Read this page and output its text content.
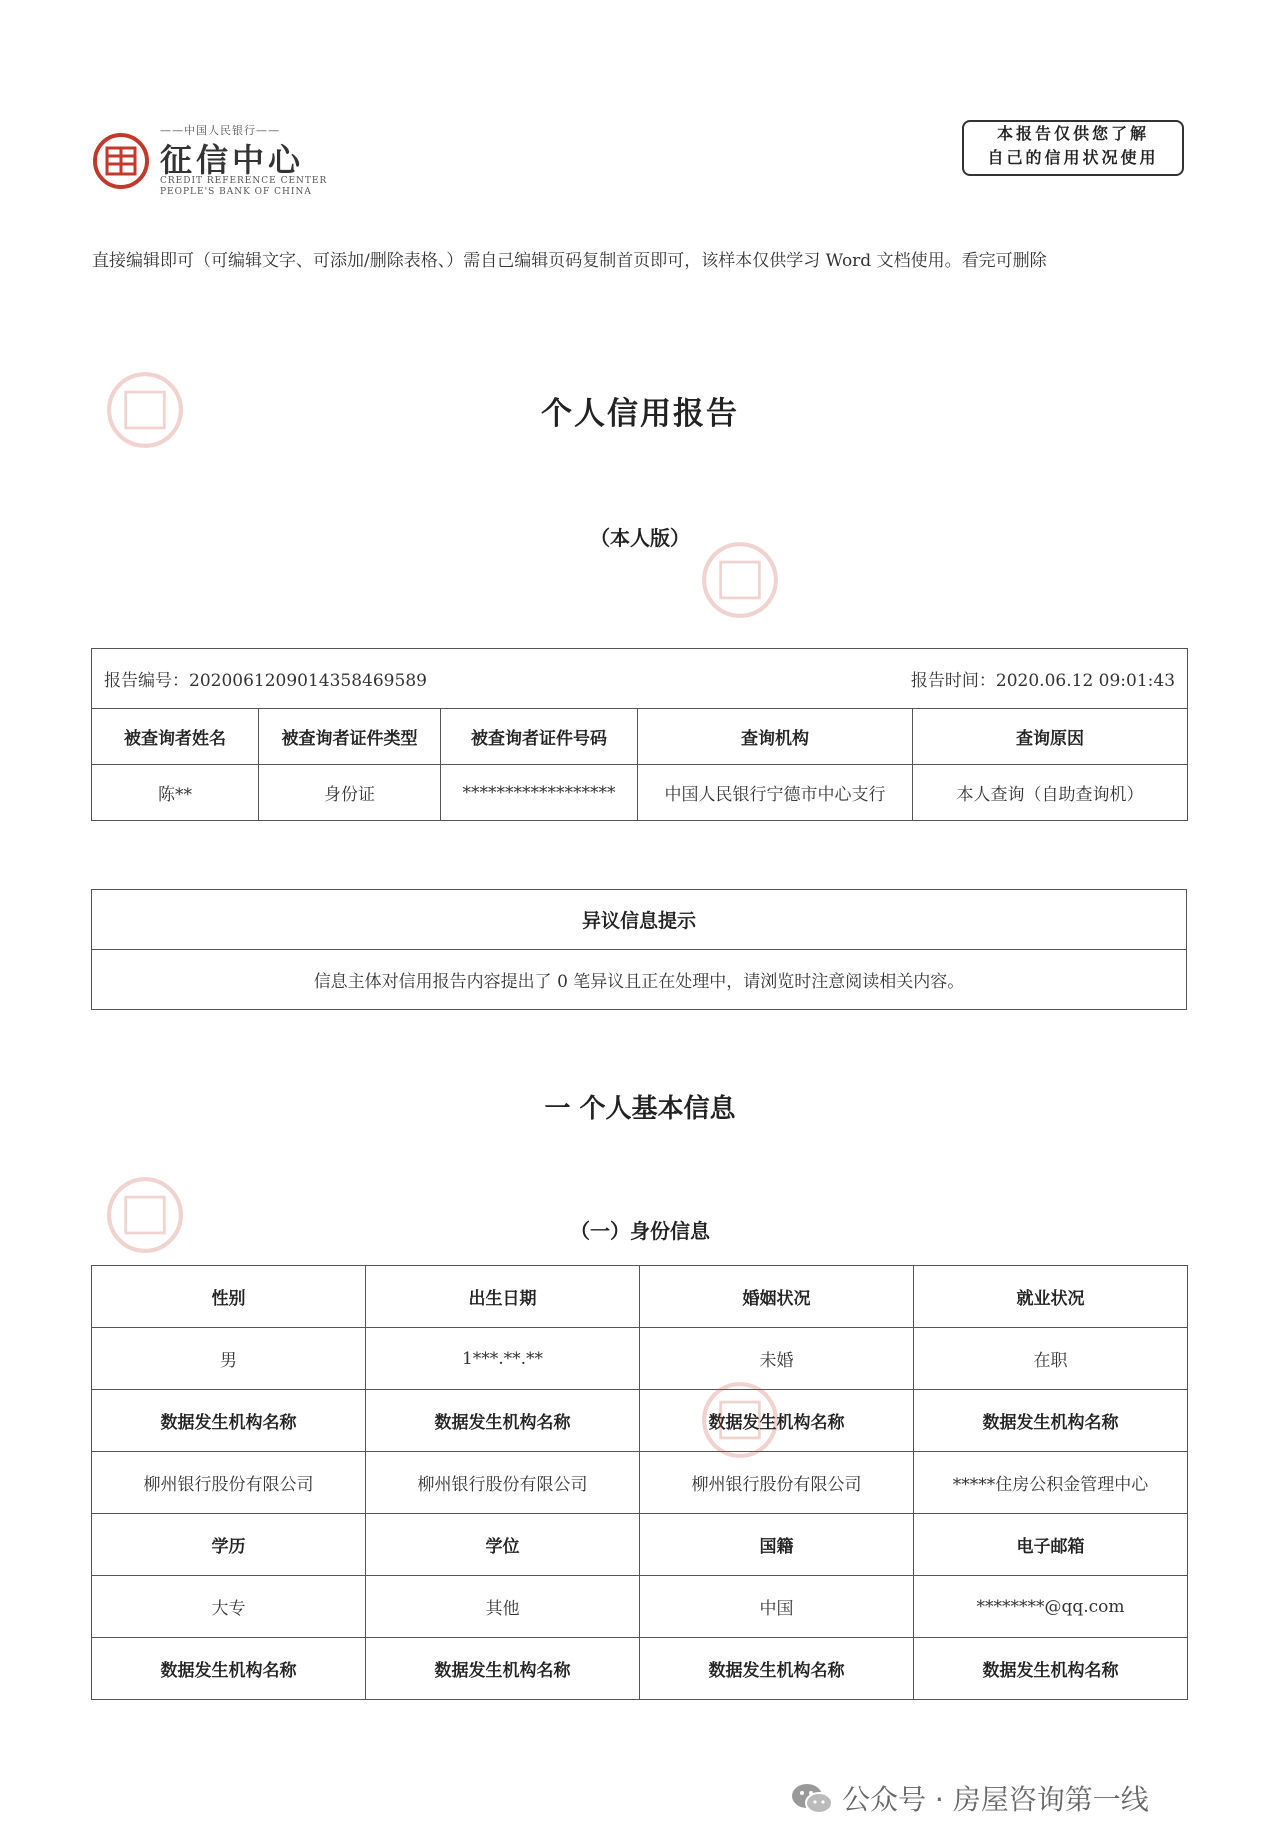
——中国人民银行——
征信中心
CREDIT REFERENCE CENTER
PEOPLE'S BANK OF CHINA
本报告仅供您了解
自己的信用状况使用
直接编辑即可（可编辑文字、可添加/删除表格、）需自己编辑页码复制首页即可，该样本仅供学习 Word 文档使用。看完可删除
个人信用报告
（本人版）
报告编号：20200612090143584695​89			报告时间：2020.06.12 09:01:43	
被查询者姓名	被查询者证件类型	被查询者证件号码	查询机构	查询原因
陈**	身份证	******************	中国人民银行宁德市中心支行	本人查询（自助查询机）
异议信息提示
信息主体对信用报告内容提出了 0 笔异议且正在处理中，请浏览时注意阅读相关内容。
一 个人基本信息
（一）身份信息
性别	出生日期	婚姻状况	就业状况
男	1***.**.**	未婚	在职
数据发生机构名称	数据发生机构名称	数据发生机构名称	数据发生机构名称
柳州银行股份有限公司	柳州银行股份有限公司	柳州银行股份有限公司	*****住房公积金管理中心
学历	学位	国籍	电子邮箱
大专	其他	中国	********@qq.com
数据发生机构名称	数据发生机构名称	数据发生机构名称	数据发生机构名称
公众号 · 房屋咨询第一线
